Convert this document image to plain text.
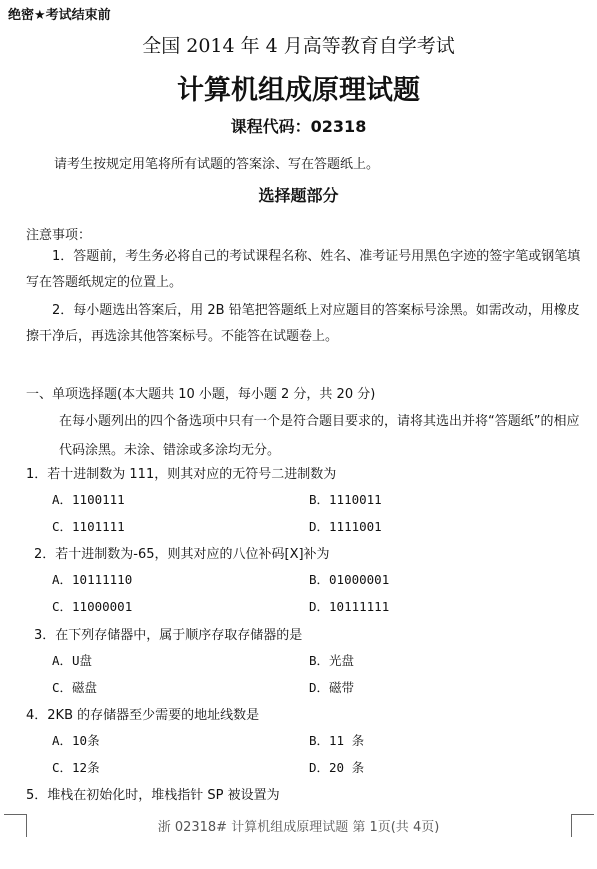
绝密★考试结束前
全国 2014 年 4 月高等教育自学考试
计算机组成原理试题
课程代码：02318
请考生按规定用笔将所有试题的答案涂、写在答题纸上。
选择题部分
注意事项：
1．答题前，考生务必将自己的考试课程名称、姓名、准考证号用黑色字迹的签字笔或钢笔填写在答题纸规定的位置上。
2．每小题选出答案后，用 2B 铅笔把答题纸上对应题目的答案标号涂黑。如需改动，用橡皮擦干净后，再选涂其他答案标号。不能答在试题卷上。
一、单项选择题(本大题共 10 小题，每小题 2 分，共 20 分)
在每小题列出的四个备选项中只有一个是符合题目要求的，请将其选出并将“答题纸”的相应代码涂黑。未涂、错涂或多涂均无分。
1．若十进制数为 111，则其对应的无符号二进制数为
A．1100111	B．1110011
C．1101111	D．1111001
2．若十进制数为-65，则其对应的八位补码[X]补为
A．10111110	B．01000001
C．11000001	D．10111111
3．在下列存储器中，属于顺序存取存储器的是
A．U盘	B．光盘
C．磁盘	D．磁带
4．2KB 的存储器至少需要的地址线数是
A．10条	B．11 条
C．12条	D．20 条
5．堆栈在初始化时，堆栈指针 SP 被设置为
浙 02318# 计算机组成原理试题 第 1页(共 4页)
